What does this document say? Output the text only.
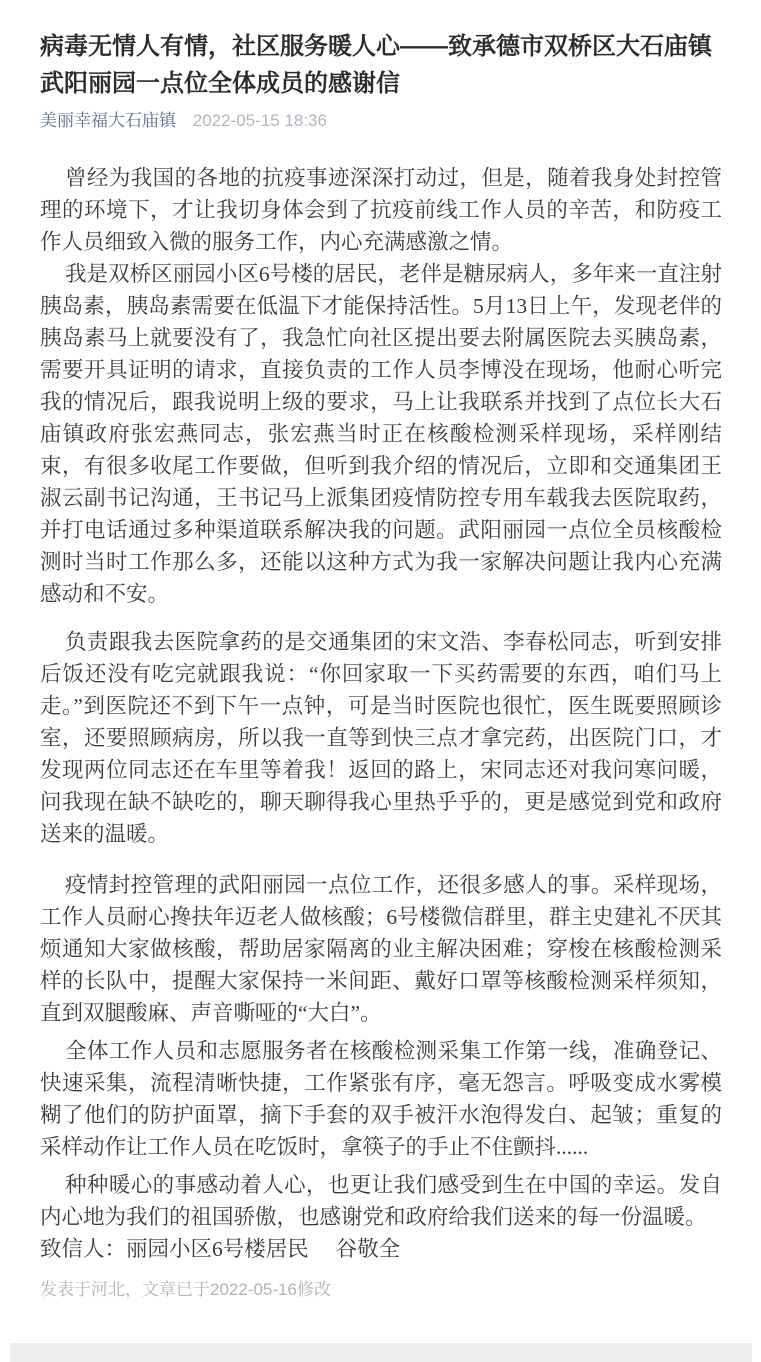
病毒无情人有情，社区服务暖人心——致承德市双桥区大石庙镇武阳丽园一点位全体成员的感谢信
美丽幸福大石庙镇 2022-05-15 18:36

曾经为我国的各地的抗疫事迹深深打动过，但是，随着我身处封控管理的环境下，才让我切身体会到了抗疫前线工作人员的辛苦，和防疫工作人员细致入微的服务工作，内心充满感激之情。

我是双桥区丽园小区6号楼的居民，老伴是糖尿病人，多年来一直注射胰岛素，胰岛素需要在低温下才能保持活性。5月13日上午，发现老伴的胰岛素马上就要没有了，我急忙向社区提出要去附属医院去买胰岛素，需要开具证明的请求，直接负责的工作人员李博没在现场，他耐心听完我的情况后，跟我说明上级的要求，马上让我联系并找到了点位长大石庙镇政府张宏燕同志，张宏燕当时正在核酸检测采样现场，采样刚结束，有很多收尾工作要做，但听到我介绍的情况后，立即和交通集团王淑云副书记沟通，王书记马上派集团疫情防控专用车载我去医院取药，并打电话通过多种渠道联系解决我的问题。武阳丽园一点位全员核酸检测时当时工作那么多，还能以这种方式为我一家解决问题让我内心充满感动和不安。

负责跟我去医院拿药的是交通集团的宋文浩、李春松同志，听到安排后饭还没有吃完就跟我说：“你回家取一下买药需要的东西，咱们马上走。”到医院还不到下午一点钟，可是当时医院也很忙，医生既要照顾诊室，还要照顾病房，所以我一直等到快三点才拿完药，出医院门口，才发现两位同志还在车里等着我！返回的路上，宋同志还对我问寒问暖，问我现在缺不缺吃的，聊天聊得我心里热乎乎的，更是感觉到党和政府送来的温暖。

疫情封控管理的武阳丽园一点位工作，还很多感人的事。采样现场，工作人员耐心搀扶年迈老人做核酸；6号楼微信群里，群主史建礼不厌其烦通知大家做核酸，帮助居家隔离的业主解决困难；穿梭在核酸检测采样的长队中，提醒大家保持一米间距、戴好口罩等核酸检测采样须知，直到双腿酸麻、声音嘶哑的“大白”。

全体工作人员和志愿服务者在核酸检测采集工作第一线，准确登记、快速采集，流程清晰快捷，工作紧张有序，毫无怨言。呼吸变成水雾模糊了他们的防护面罩，摘下手套的双手被汗水泡得发白、起皱；重复的采样动作让工作人员在吃饭时，拿筷子的手止不住颤抖......

种种暖心的事感动着人心，也更让我们感受到生在中国的幸运。发自内心地为我们的祖国骄傲，也感谢党和政府给我们送来的每一份温暖。

致信人：丽园小区6号楼居民　 谷敬全

发表于河北，文章已于2022-05-16修改
